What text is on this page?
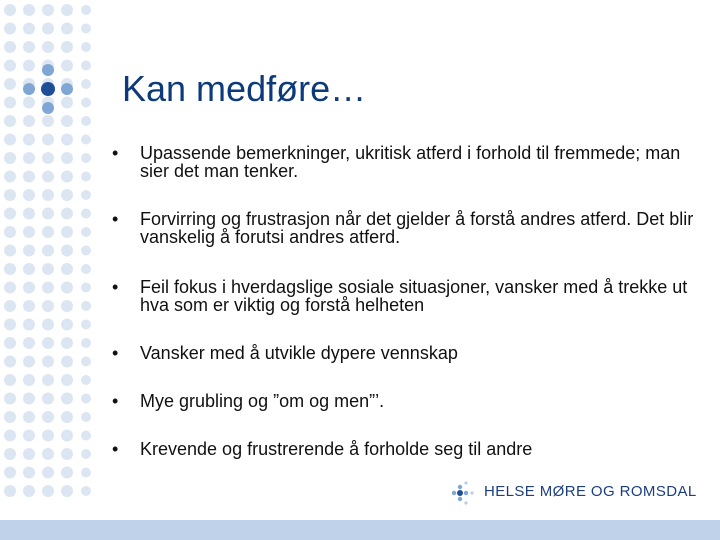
Kan medføre…
• Upassende bemerkninger, ukritisk atferd i forhold til fremmede; man sier det man tenker.
• Forvirring og frustrasjon når det gjelder å forstå andres atferd. Det blir vanskelig å forutsi andres atferd.
• Feil fokus i hverdagslige sosiale situasjoner, vansker med å trekke ut hva som er viktig og forstå helheten
• Vansker med å utvikle dypere vennskap
• Mye grubling og ”om og men”’.
• Krevende og frustrerende å forholde seg til andre
HELSE MØRE OG ROMSDAL
